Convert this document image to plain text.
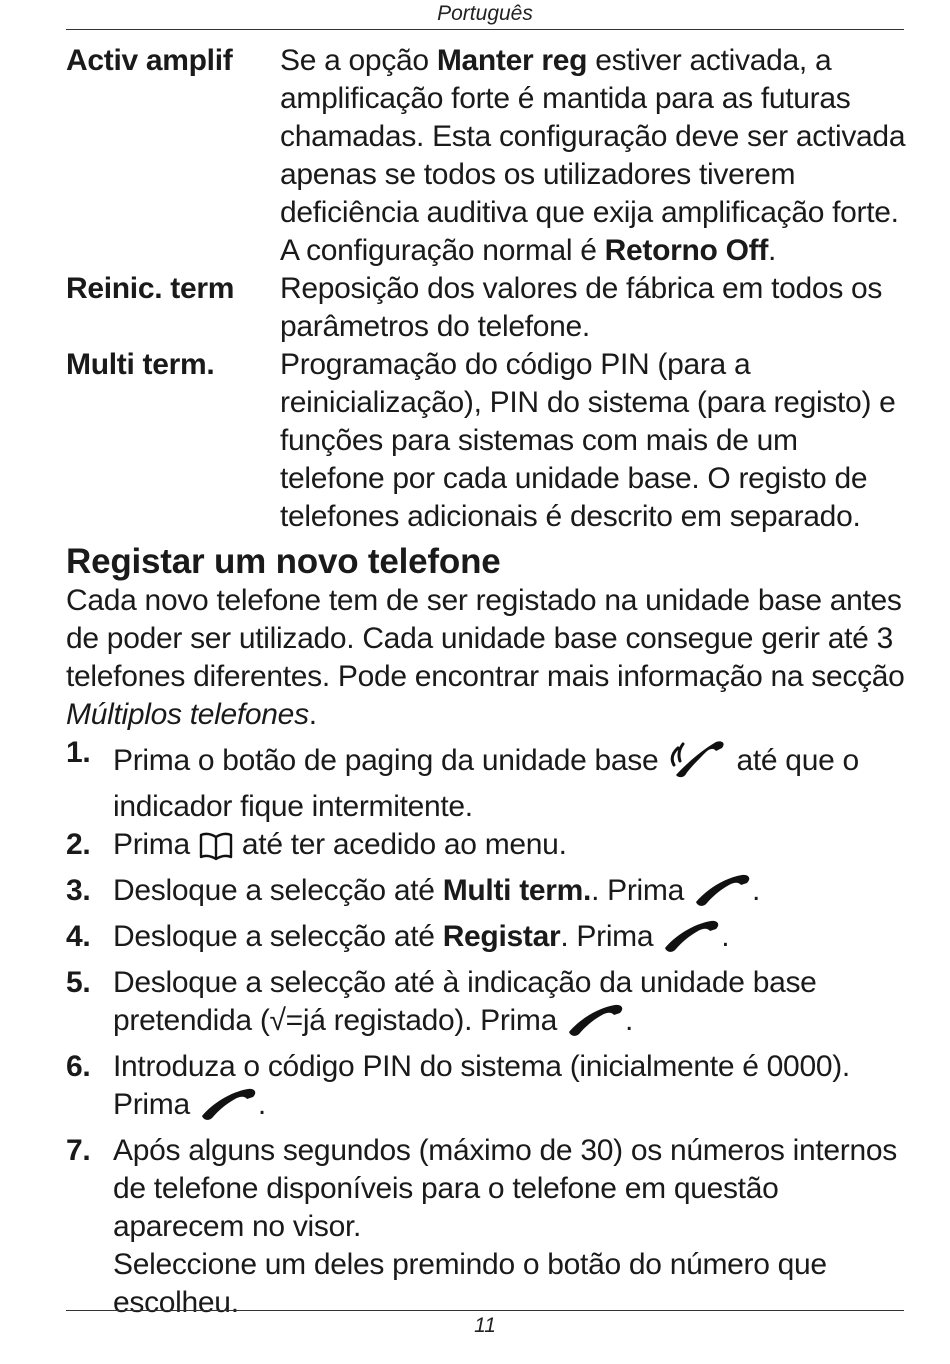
Português
Activ amplif	Se a opção Manter reg estiver activada, a amplificação forte é mantida para as futuras chamadas. Esta configuração deve ser activada apenas se todos os utilizadores tiverem deficiência auditiva que exija amplificação forte. A configuração normal é Retorno Off.
Reinic. term	Reposição dos valores de fábrica em todos os parâmetros do telefone.
Multi term.	Programação do código PIN (para a reinicialização), PIN do sistema (para registo) e funções para sistemas com mais de um telefone por cada unidade base. O registo de telefones adicionais é descrito em separado.
Registar um novo telefone
Cada novo telefone tem de ser registado na unidade base antes de poder ser utilizado. Cada unidade base consegue gerir até 3 telefones diferentes. Pode encontrar mais informação na secção Múltiplos telefones.
1. Prima o botão de paging da unidade base  até que o indicador fique intermitente.
2. Prima  até ter acedido ao menu.
3. Desloque a selecção até Multi term.. Prima .
4. Desloque a selecção até Registar. Prima .
5. Desloque a selecção até à indicação da unidade base pretendida (√=já registado). Prima .
6. Introduza o código PIN do sistema (inicialmente é 0000). Prima .
7. Após alguns segundos (máximo de 30) os números internos de telefone disponíveis para o telefone em questão aparecem no visor.
Seleccione um deles premindo o botão do número que escolheu.
11
